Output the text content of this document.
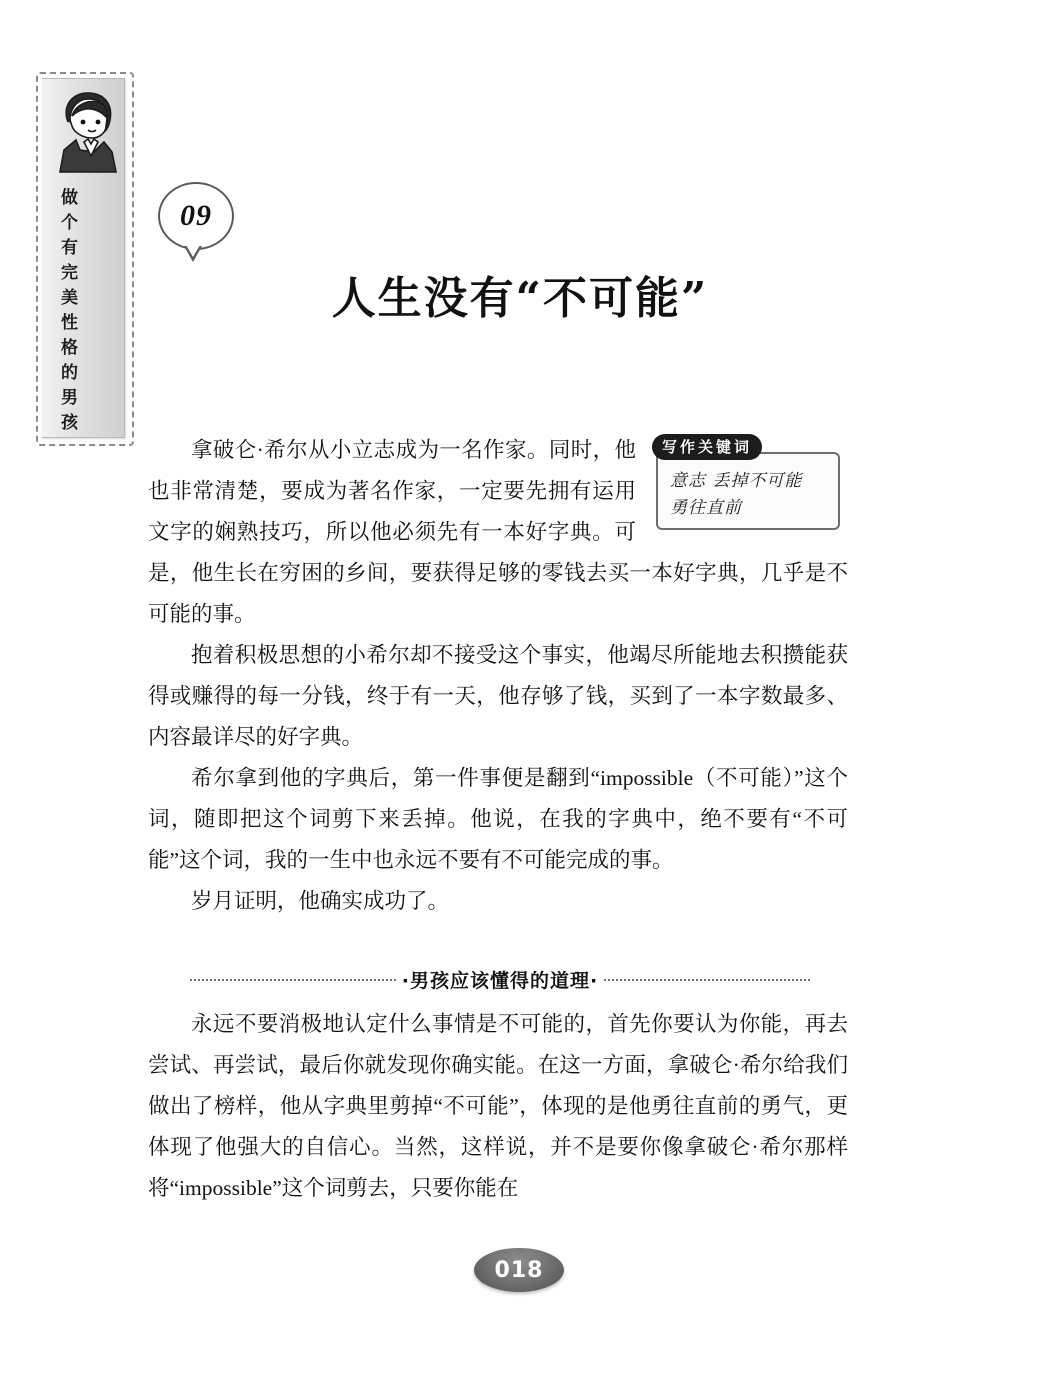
做
个
有
完
美
性
格
的
男
孩
09
人生没有“不可能”
写作关键词
意志 丢掉不可能
勇往直前

拿破仑·希尔从小立志成为一名作家。同时，他也非常清楚，要成为著名作家，一定要先拥有运用文字的娴熟技巧，所以他必须先有一本好字典。可是，他生长在穷困的乡间，要获得足够的零钱去买一本好字典，几乎是不可能的事。

抱着积极思想的小希尔却不接受这个事实，他竭尽所能地去积攒能获得或赚得的每一分钱，终于有一天，他存够了钱，买到了一本字数最多、内容最详尽的好字典。

希尔拿到他的字典后，第一件事便是翻到“impossible（不可能）”这个词，随即把这个词剪下来丢掉。他说，在我的字典中，绝不要有“不可能”这个词，我的一生中也永远不要有不可能完成的事。

岁月证明，他确实成功了。

·男孩应该懂得的道理·

永远不要消极地认定什么事情是不可能的，首先你要认为你能，再去尝试、再尝试，最后你就发现你确实能。在这一方面，拿破仑·希尔给我们做出了榜样，他从字典里剪掉“不可能”，体现的是他勇往直前的勇气，更体现了他强大的自信心。当然，这样说，并不是要你像拿破仑·希尔那样将“impossible”这个词剪去，只要你能在

018
